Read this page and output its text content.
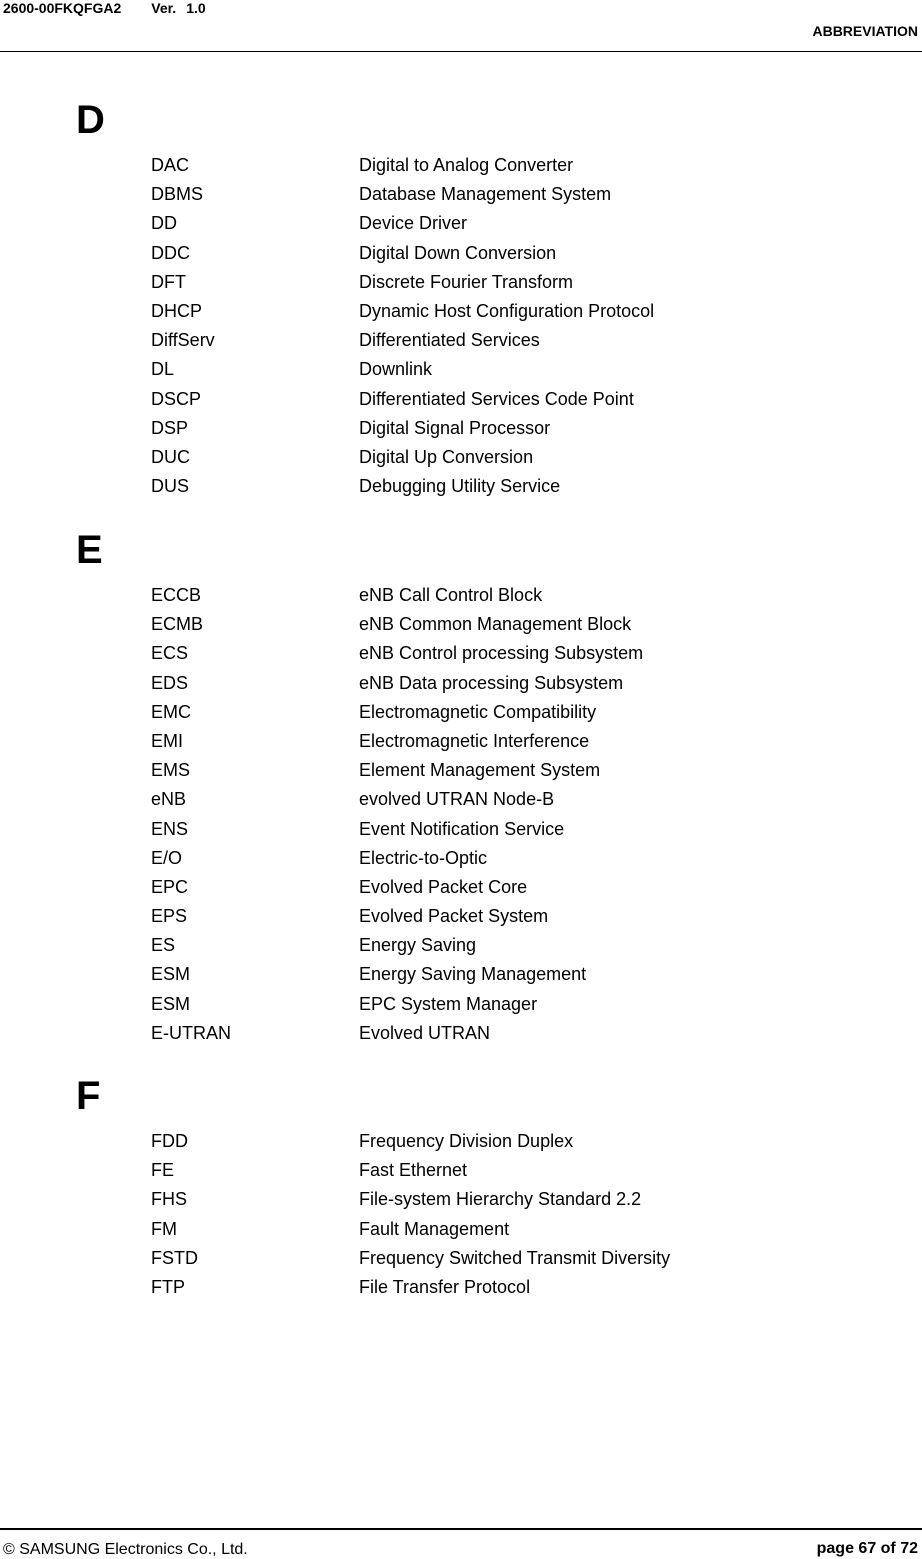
2600-00FKQFGA2 Ver. 1.0
ABBREVIATION
D
DAC	Digital to Analog Converter
DBMS	Database Management System
DD	Device Driver
DDC	Digital Down Conversion
DFT	Discrete Fourier Transform
DHCP	Dynamic Host Configuration Protocol
DiffServ	Differentiated Services
DL	Downlink
DSCP	Differentiated Services Code Point
DSP	Digital Signal Processor
DUC	Digital Up Conversion
DUS	Debugging Utility Service
E
ECCB	eNB Call Control Block
ECMB	eNB Common Management Block
ECS	eNB Control processing Subsystem
EDS	eNB Data processing Subsystem
EMC	Electromagnetic Compatibility
EMI	Electromagnetic Interference
EMS	Element Management System
eNB	evolved UTRAN Node-B
ENS	Event Notification Service
E/O	Electric-to-Optic
EPC	Evolved Packet Core
EPS	Evolved Packet System
ES	Energy Saving
ESM	Energy Saving Management
ESM	EPC System Manager
E-UTRAN	Evolved UTRAN
F
FDD	Frequency Division Duplex
FE	Fast Ethernet
FHS	File-system Hierarchy Standard 2.2
FM	Fault Management
FSTD	Frequency Switched Transmit Diversity
FTP	File Transfer Protocol
© SAMSUNG Electronics Co., Ltd.	page 67 of 72
